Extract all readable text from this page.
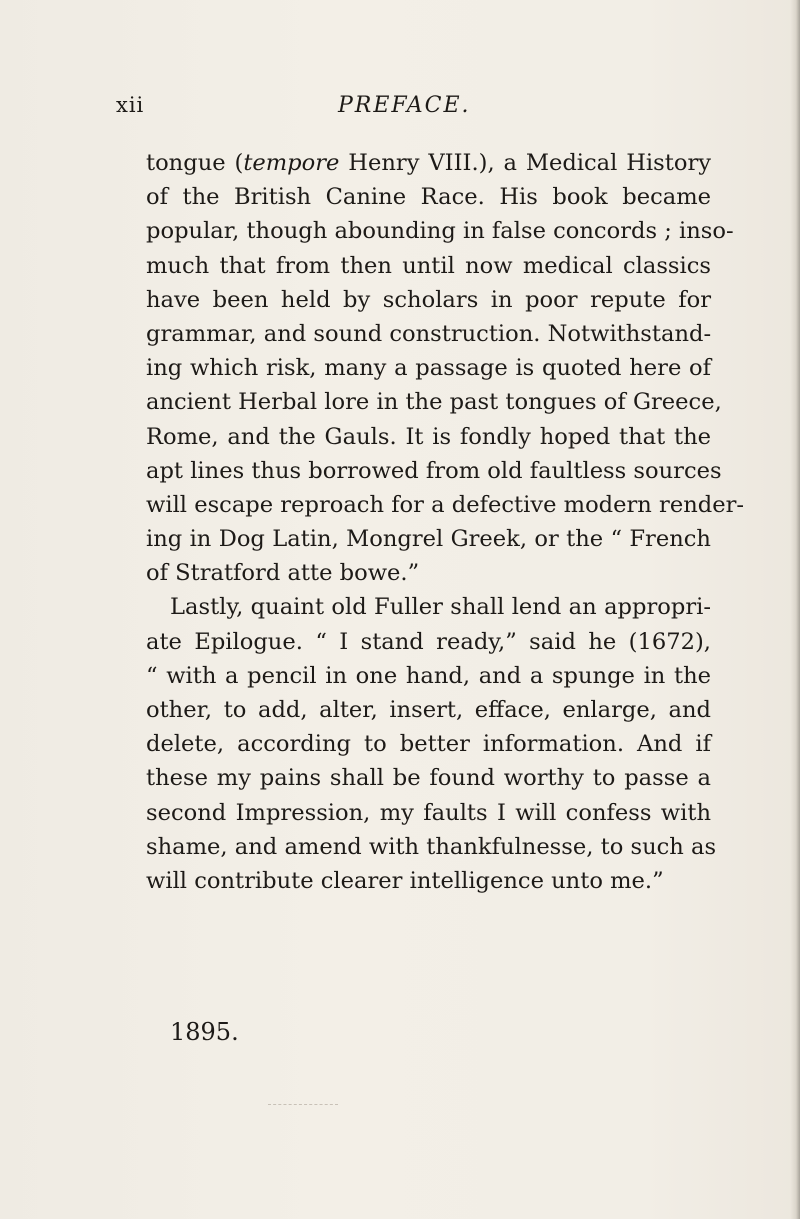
xii	PREFACE.
tongue (tempore Henry VIII.), a Medical History
of the British Canine Race. His book became
popular, though abounding in false concords ; inso-
much that from then until now medical classics
have been held by scholars in poor repute for
grammar, and sound construction. Notwithstand-
ing which risk, many a passage is quoted here of
ancient Herbal lore in the past tongues of Greece,
Rome, and the Gauls. It is fondly hoped that the
apt lines thus borrowed from old faultless sources
will escape reproach for a defective modern render-
ing in Dog Latin, Mongrel Greek, or the “ French
of Stratford atte bowe.”
Lastly, quaint old Fuller shall lend an appropri-
ate Epilogue. “ I stand ready,” said he (1672),
“ with a pencil in one hand, and a spunge in the
other, to add, alter, insert, efface, enlarge, and
delete, according to better information. And if
these my pains shall be found worthy to passe a
second Impression, my faults I will confess with
shame, and amend with thankfulnesse, to such as
will contribute clearer intelligence unto me.”
1895.
